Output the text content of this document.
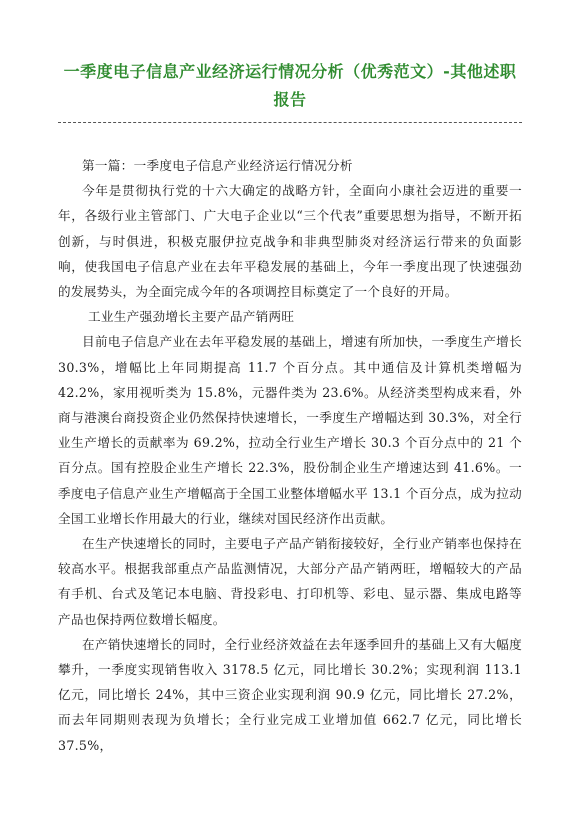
一季度电子信息产业经济运行情况分析（优秀范文）-其他述职报告

第一篇：一季度电子信息产业经济运行情况分析

今年是贯彻执行党的十六大确定的战略方针，全面向小康社会迈进的重要一年，各级行业主管部门、广大电子企业以“三个代表”重要思想为指导，不断开拓创新，与时俱进，积极克服伊拉克战争和非典型肺炎对经济运行带来的负面影响，使我国电子信息产业在去年平稳发展的基础上，今年一季度出现了快速强劲的发展势头，为全面完成今年的各项调控目标奠定了一个良好的开局。

工业生产强劲增长主要产品产销两旺

目前电子信息产业在去年平稳发展的基础上，增速有所加快，一季度生产增长 30.3%，增幅比上年同期提高 11.7 个百分点。其中通信及计算机类增幅为 42.2%，家用视听类为 15.8%，元器件类为 23.6%。从经济类型构成来看，外商与港澳台商投资企业仍然保持快速增长，一季度生产增幅达到 30.3%，对全行业生产增长的贡献率为 69.2%，拉动全行业生产增长 30.3 个百分点中的 21 个百分点。国有控股企业生产增长 22.3%，股份制企业生产增速达到 41.6%。一季度电子信息产业生产增幅高于全国工业整体增幅水平 13.1 个百分点，成为拉动全国工业增长作用最大的行业，继续对国民经济作出贡献。

在生产快速增长的同时，主要电子产品产销衔接较好，全行业产销率也保持在较高水平。根据我部重点产品监测情况，大部分产品产销两旺，增幅较大的产品有手机、台式及笔记本电脑、背投彩电、打印机等、彩电、显示器、集成电路等产品也保持两位数增长幅度。

在产销快速增长的同时，全行业经济效益在去年逐季回升的基础上又有大幅度攀升，一季度实现销售收入 3178.5 亿元，同比增长 30.2%；实现利润 113.1 亿元，同比增长 24%，其中三资企业实现利润 90.9 亿元，同比增长 27.2%，而去年同期则表现为负增长；全行业完成工业增加值 662.7 亿元，同比增长 37.5%，
